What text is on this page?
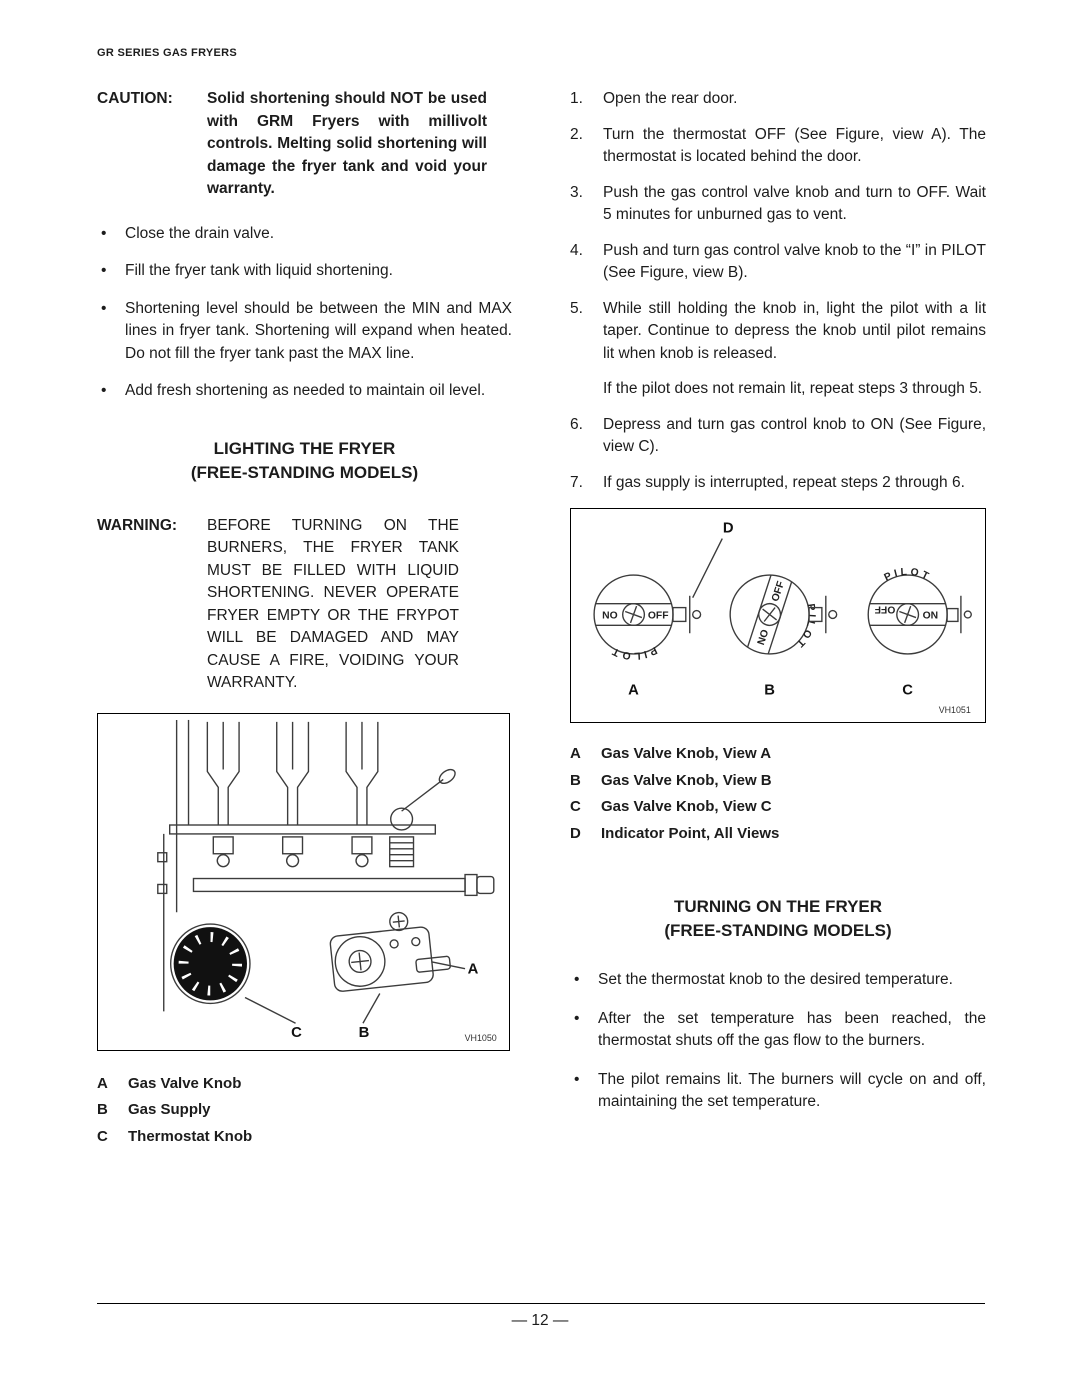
GR SERIES GAS FRYERS
CAUTION:	Solid shortening should NOT be used with GRM Fryers with millivolt controls. Melting solid shortening will damage the fryer tank and void your warranty.

• Close the drain valve.
• Fill the fryer tank with liquid shortening.
• Shortening level should be between the MIN and MAX lines in fryer tank. Shortening will expand when heated. Do not fill the fryer tank past the MAX line.
• Add fresh shortening as needed to maintain oil level.
LIGHTING THE FRYER
(FREE-STANDING MODELS)
WARNING:	BEFORE TURNING ON THE BURNERS, THE FRYER TANK MUST BE FILLED WITH LIQUID SHORTENING. NEVER OPERATE FRYER EMPTY OR THE FRYPOT WILL BE DAMAGED AND MAY CAUSE A FIRE, VOIDING YOUR WARRANTY.

A
C	B	VH1050
A	Gas Valve Knob
B	Gas Supply
C	Thermostat Knob
1.	Open the rear door.
2.	Turn the thermostat OFF (See Figure, view A). The thermostat is located behind the door.
3.	Push the gas control valve knob and turn to OFF. Wait 5 minutes for unburned gas to vent.
4.	Push and turn gas control valve knob to the “I” in PILOT (See Figure, view B).
5.	While still holding the knob in, light the pilot with a lit taper. Continue to depress the knob until pilot remains lit when knob is released.
If the pilot does not remain lit, repeat steps 3 through 5.
6.	Depress and turn gas control knob to ON (See Figure, view C).
7.	If gas supply is interrupted, repeat steps 2 through 6.
NO	OFF
PILOT
NO
OFF
PILOT
OFF
ON
PILOT
D
A	B	C
VH1051
A	Gas Valve Knob, View A
B	Gas Valve Knob, View B
C	Gas Valve Knob, View C
D	Indicator Point, All Views
TURNING ON THE FRYER
(FREE-STANDING MODELS)
• Set the thermostat knob to the desired temperature.
• After the set temperature has been reached, the thermostat shuts off the gas flow to the burners.
• The pilot remains lit. The burners will cycle on and off, maintaining the set temperature.
— 12 —
